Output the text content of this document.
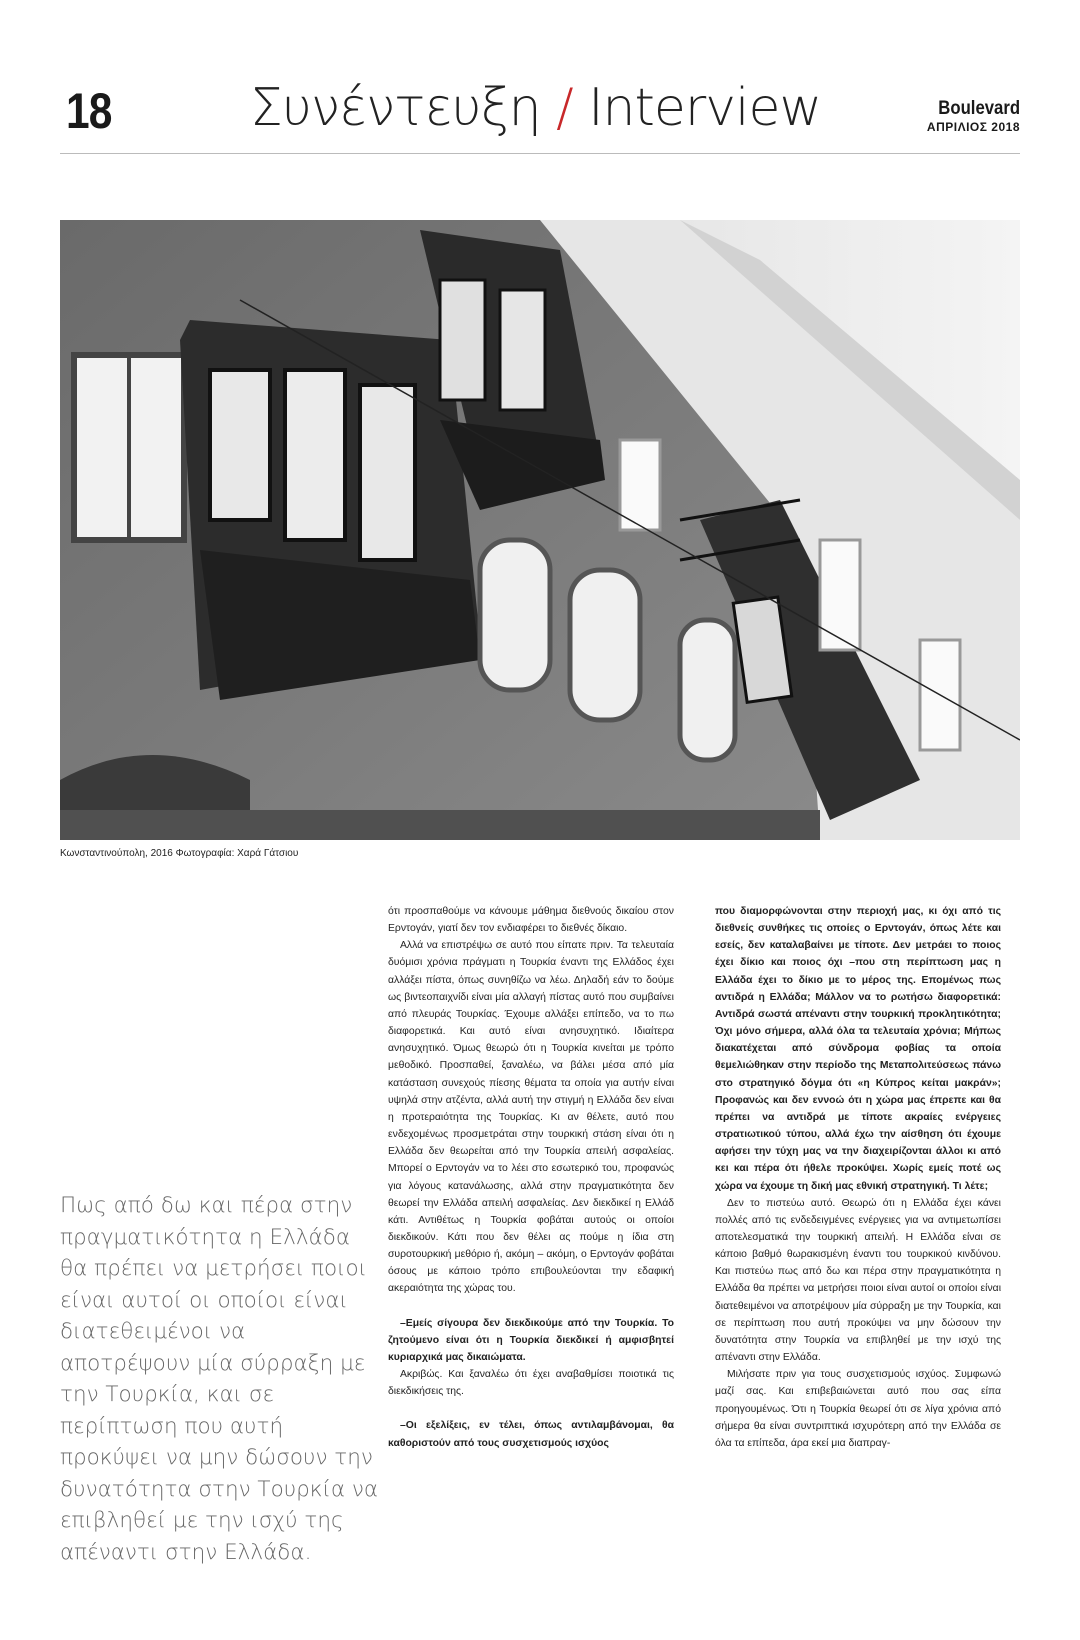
18	Συνέντευξη / Interview	Boulevard
ΑΠΡΙΛΙΟΣ 2018
Κωνσταντινούπολη, 2016 Φωτογραφία: Χαρά Γάτσιου
Πως από δω και πέρα στην πραγματικότητα η Ελλάδα θα πρέπει να μετρήσει ποιοι είναι αυτοί οι οποίοι είναι διατεθειμένοι να αποτρέψουν μία σύρραξη με την Τουρκία, και σε περίπτωση που αυτή προκύψει να μην δώσουν την δυνατότητα στην Τουρκία να επιβληθεί με την ισχύ της απέναντι στην Ελλάδα.

ότι προσπαθούμε να κάνουμε μάθημα διεθνούς δικαίου στον Ερντογάν, γιατί δεν τον ενδιαφέρει το διεθνές δίκαιο.

Αλλά να επιστρέψω σε αυτό που είπατε πριν. Τα τελευταία δυόμισι χρόνια πράγματι η Τουρκία έναντι της Ελλάδος έχει αλλάξει πίστα, όπως συνηθίζω να λέω. Δηλαδή εάν το δούμε ως βιντεοπαιχνίδι είναι μία αλλαγή πίστας αυτό που συμβαίνει από πλευράς Τουρκίας. Έχουμε αλλάξει επίπεδο, να το πω διαφορετικά. Και αυτό είναι ανησυχητικό. Ιδιαίτερα ανησυχητικό. Όμως θεωρώ ότι η Τουρκία κινείται με τρόπο μεθοδικό. Προσπαθεί, ξαναλέω, να βάλει μέσα από μία κατάσταση συνεχούς πίεσης θέματα τα οποία για αυτήν είναι υψηλά στην ατζέντα, αλλά αυτή την στιγμή η Ελλάδα δεν είναι η προτεραιότητα της Τουρκίας. Κι αν θέλετε, αυτό που ενδεχομένως προσμετράται στην τουρκική στάση είναι ότι η Ελλάδα δεν θεωρείται από την Τουρκία απειλή ασφαλείας. Μπορεί ο Ερντογάν να το λέει στο εσωτερικό του, προφανώς για λόγους κατανάλωσης, αλλά στην πραγματικότητα δεν θεωρεί την Ελλάδα απειλή ασφαλείας. Δεν διεκδικεί η Ελλάδ κάτι. Αντιθέτως η Τουρκία φοβάται αυτούς οι οποίοι διεκδικούν. Κάτι που δεν θέλει ας πούμε η ίδια στη συροτουρκική μεθόριο ή, ακόμη – ακόμη, ο Ερντογάν φοβάται όσους με κάποιο τρόπο επιβουλεύονται την εδαφική ακεραιότητα της χώρας του.

–Εμείς σίγουρα δεν διεκδικούμε από την Τουρκία. Το ζητούμενο είναι ότι η Τουρκία διεκδικεί ή αμφισβητεί κυριαρχικά μας δικαιώματα.

Ακριβώς. Και ξαναλέω ότι έχει αναβαθμίσει ποιοτικά τις διεκδικήσεις της.

–Οι εξελίξεις, εν τέλει, όπως αντιλαμβάνομαι, θα καθοριστούν από τους συσχετισμούς ισχύος

που διαμορφώνονται στην περιοχή μας, κι όχι από τις διεθνείς συνθήκες τις οποίες ο Ερντογάν, όπως λέτε και εσείς, δεν καταλαβαίνει με τίποτε. Δεν μετράει το ποιος έχει δίκιο και ποιος όχι –που στη περίπτωση μας η Ελλάδα έχει το δίκιο με το μέρος της. Επομένως πως αντιδρά η Ελλάδα; Μάλλον να το ρωτήσω διαφορετικά: Αντιδρά σωστά απέναντι στην τουρκική προκλητικότητα; Όχι μόνο σήμερα, αλλά όλα τα τελευταία χρόνια; Μήπως διακατέχεται από σύνδρομα φοβίας τα οποία θεμελιώθηκαν στην περίοδο της Μεταπολιτεύσεως πάνω στο στρατηγικό δόγμα ότι «η Κύπρος κείται μακράν»; Προφανώς και δεν εννοώ ότι η χώρα μας έπρεπε και θα πρέπει να αντιδρά με τίποτε ακραίες ενέργειες στρατιωτικού τύπου, αλλά έχω την αίσθηση ότι έχουμε αφήσει την τύχη μας να την διαχειρίζονται άλλοι κι από κει και πέρα ότι ήθελε προκύψει. Χωρίς εμείς ποτέ ως χώρα να έχουμε τη δική μας εθνική στρατηγική. Τι λέτε;

Δεν το πιστεύω αυτό. Θεωρώ ότι η Ελλάδα έχει κάνει πολλές από τις ενδεδειγμένες ενέργειες για να αντιμετωπίσει αποτελεσματικά την τουρκική απειλή. Η Ελλάδα είναι σε κάποιο βαθμό θωρακισμένη έναντι του τουρκικού κινδύνου. Και πιστεύω πως από δω και πέρα στην πραγματικότητα η Ελλάδα θα πρέπει να μετρήσει ποιοι είναι αυτοί οι οποίοι είναι διατεθειμένοι να αποτρέψουν μία σύρραξη με την Τουρκία, και σε περίπτωση που αυτή προκύψει να μην δώσουν την δυνατότητα στην Τουρκία να επιβληθεί με την ισχύ της απέναντι στην Ελλάδα.

Μιλήσατε πριν για τους συσχετισμούς ισχύος. Συμφωνώ μαζί σας. Και επιβεβαιώνεται αυτό που σας είπα προηγουμένως. Ότι η Τουρκία θεωρεί ότι σε λίγα χρόνια από σήμερα θα είναι συντριπτικά ισχυρότερη από την Ελλάδα σε όλα τα επίπεδα, άρα εκεί μια διαπραγ-
